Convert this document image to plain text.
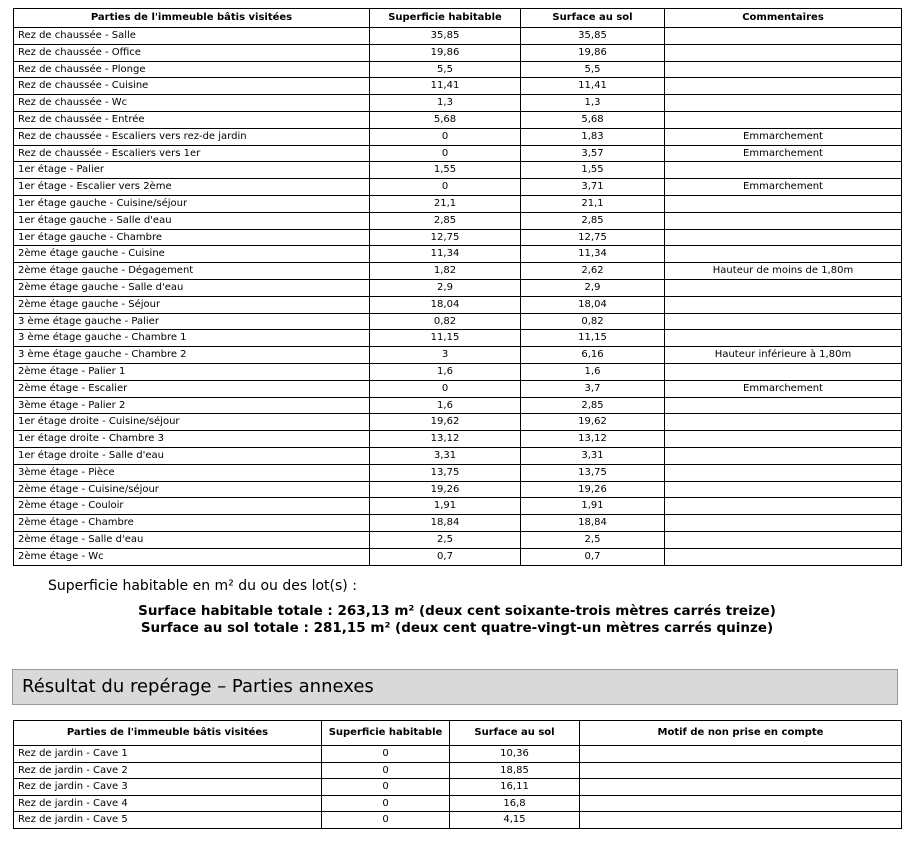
Parties de l'immeuble bâtis visitées	Superficie habitable	Surface au sol	Commentaires
Rez de chaussée - Salle	35,85	35,85	
Rez de chaussée - Office	19,86	19,86	
Rez de chaussée - Plonge	5,5	5,5	
Rez de chaussée - Cuisine	11,41	11,41	
Rez de chaussée - Wc	1,3	1,3	
Rez de chaussée - Entrée	5,68	5,68	
Rez de chaussée - Escaliers vers rez-de jardin	0	1,83	Emmarchement
Rez de chaussée - Escaliers vers 1er	0	3,57	Emmarchement
1er étage - Palier	1,55	1,55	
1er étage - Escalier vers 2ème	0	3,71	Emmarchement
1er étage gauche - Cuisine/séjour	21,1	21,1	
1er étage gauche - Salle d'eau	2,85	2,85	
1er étage gauche - Chambre	12,75	12,75	
2ème étage gauche - Cuisine	11,34	11,34	
2ème étage gauche - Dégagement	1,82	2,62	Hauteur de moins de 1,80m
2ème étage gauche - Salle d'eau	2,9	2,9	
2ème étage gauche - Séjour	18,04	18,04	
3 ème étage gauche - Palier	0,82	0,82	
3 ème étage gauche - Chambre 1	11,15	11,15	
3 ème étage gauche - Chambre 2	3	6,16	Hauteur inférieure à 1,80m
2ème étage - Palier 1	1,6	1,6	
2ème étage - Escalier	0	3,7	Emmarchement
3ème étage - Palier 2	1,6	2,85	
1er étage droite - Cuisine/séjour	19,62	19,62	
1er étage droite - Chambre 3	13,12	13,12	
1er étage droite - Salle d'eau	3,31	3,31	
3ème étage - Pièce	13,75	13,75	
2ème étage - Cuisine/séjour	19,26	19,26	
2ème étage - Couloir	1,91	1,91	
2ème étage - Chambre	18,84	18,84	
2ème étage - Salle d'eau	2,5	2,5	
2ème étage - Wc	0,7	0,7	
Superficie habitable en m² du ou des lot(s) :
Surface habitable totale : 263,13 m² (deux cent soixante-trois mètres carrés treize)
Surface au sol totale : 281,15 m² (deux cent quatre-vingt-un mètres carrés quinze)
Résultat du repérage – Parties annexes
Parties de l'immeuble bâtis visitées	Superficie habitable	Surface au sol	Motif de non prise en compte
Rez de jardin - Cave 1	0	10,36	
Rez de jardin - Cave 2	0	18,85	
Rez de jardin - Cave 3	0	16,11	
Rez de jardin - Cave 4	0	16,8	
Rez de jardin - Cave 5	0	4,15	
